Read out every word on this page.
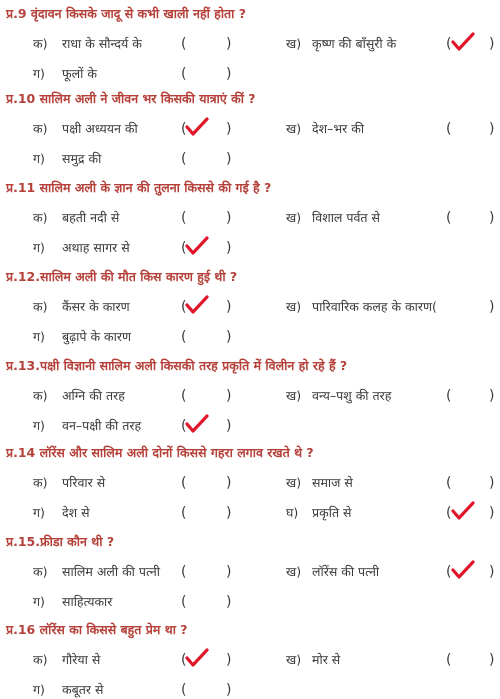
प्र.9 वृंदावन किसके जादू से कभी खाली नहीं होता ?
क) राधा के सौन्दर्य के	(	)	ख) कृष्ण की बाँसुरी के	(	)
ग) फूलों के	(	)
प्र.10 सालिम अली ने जीवन भर किसकी यात्राएं कीं ?
क) पक्षी अध्ययन की	(	)	ख) देश–भर की	(	)
ग) समुद्र की	(	)
प्र.11 सालिम अली के ज्ञान की तुलना किससे की गई है ?
क) बहती नदी से	(	)	ख) विशाल पर्वत से	(	)
ग) अथाह सागर से	(	)
प्र.12.सालिम अली की मौत किस कारण हुई थी ?
क) कैंसर के कारण	(	)	ख) पारिवारिक कलह के कारण(	)
ग) बुढ़ापे के कारण	(	)
प्र.13.पक्षी विज्ञानी सालिम अली किसकी तरह प्रकृति में विलीन हो रहे हैं ?
क) अग्नि की तरह	(	)	ख) वन्य–पशु की तरह	(	)
ग) वन–पक्षी की तरह	(	)
प्र.14 लॉरेंस और सालिम अली दोनों किससे गहरा लगाव रखते थे ?
क) परिवार से	(	)	ख) समाज से	(	)
ग) देश से	(	)	घ) प्रकृति से	(	)
प्र.15.फ्रीडा कौन थी ?
क) सालिम अली की पत्नी (	)	ख) लॉरेंस की पत्नी	(	)
ग) साहित्यकार	(	)
प्र.16 लॉरेंस का किससे बहुत प्रेम था ?
क) गौरेया से	(	)	ख) मोर से	(	)
ग) कबूतर से	(	)
